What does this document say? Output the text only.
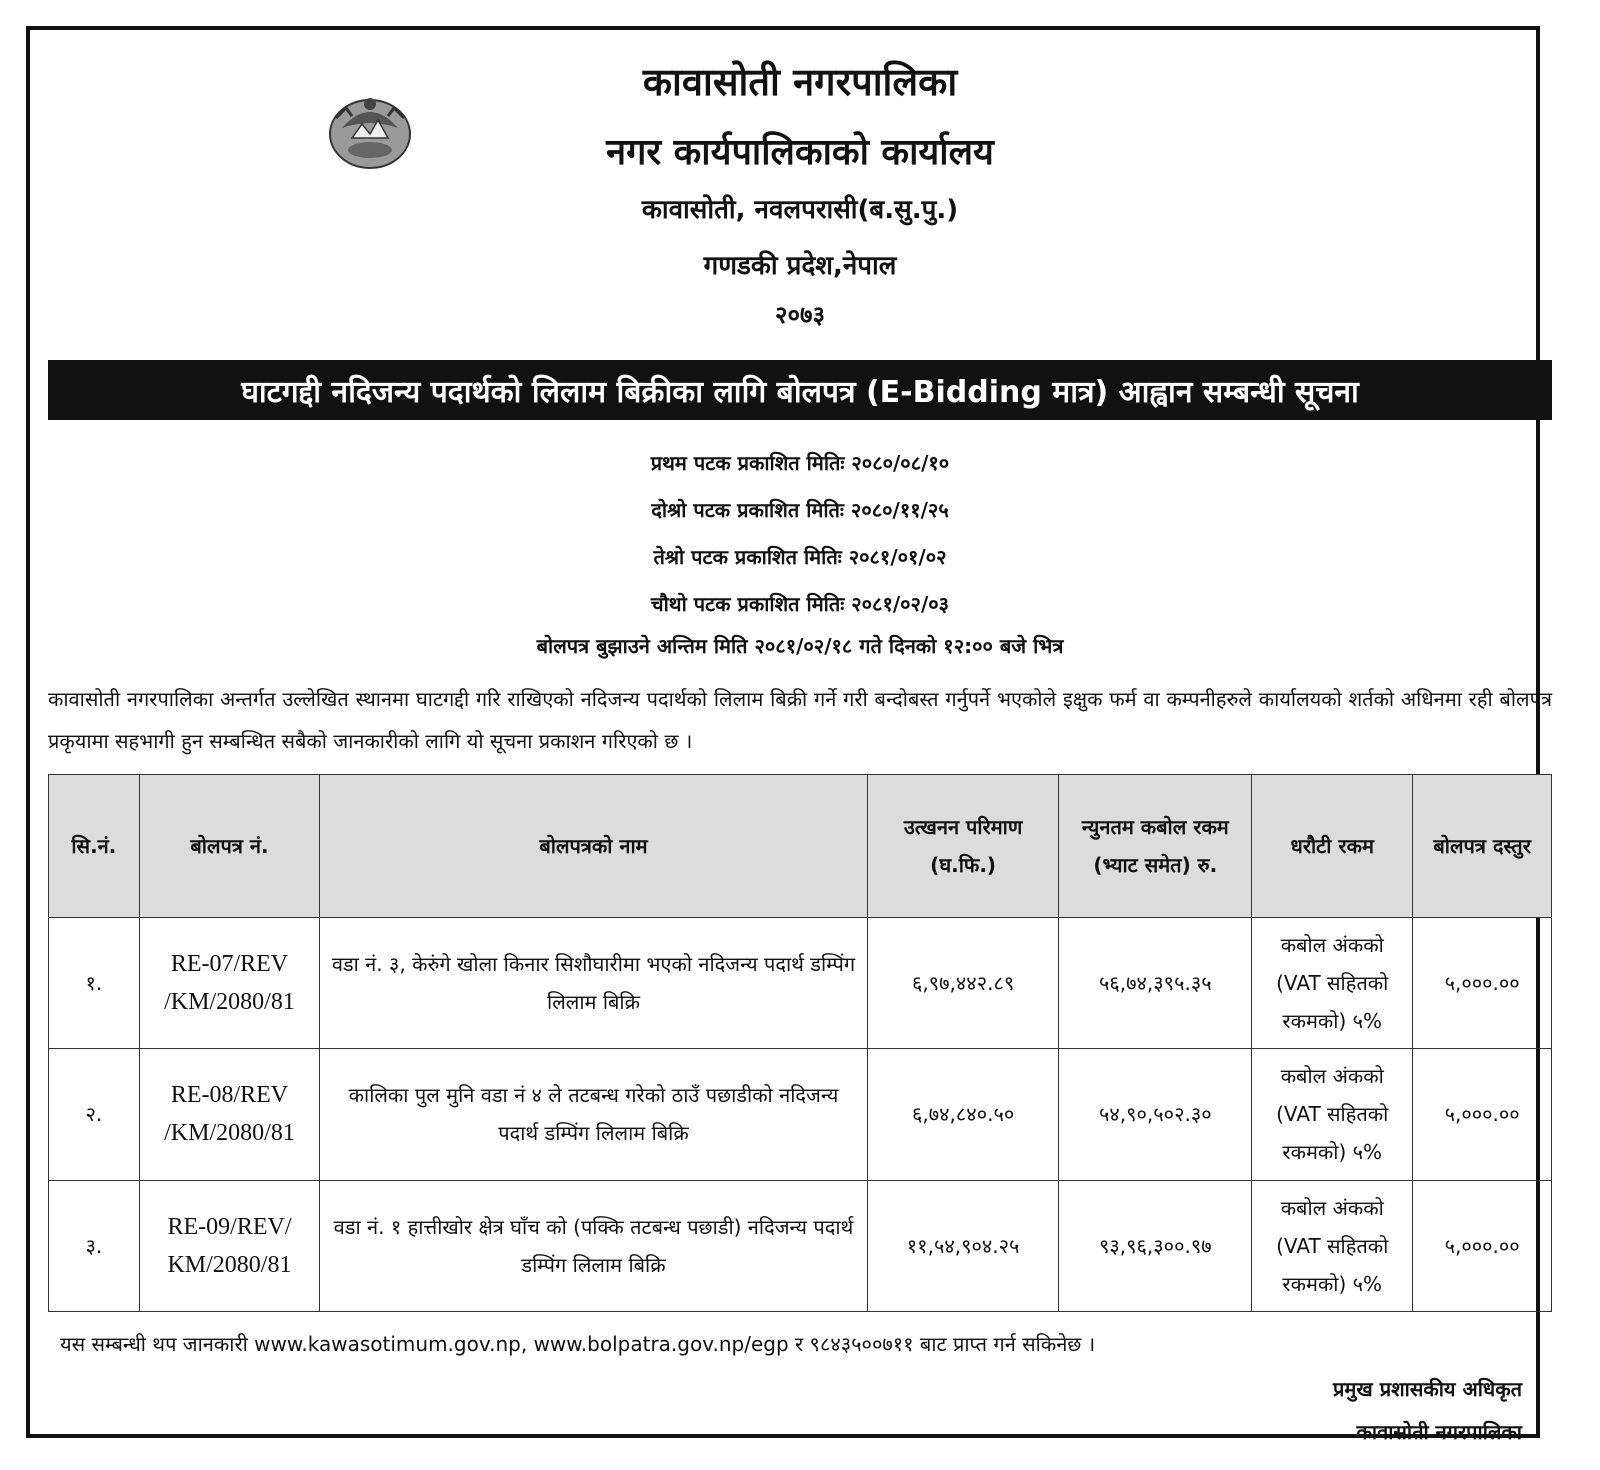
कावासोती नगरपालिका
नगर कार्यपालिकाको कार्यालय
कावासोती, नवलपरासी(ब.सु.पु.)
गणडकी प्रदेश,नेपाल
२०७३
घाटगद्दी नदिजन्य पदार्थको लिलाम बिक्रीका लागि बोलपत्र (E-Bidding मात्र) आह्वान सम्बन्धी सूचना
प्रथम पटक प्रकाशित मितिः २०८०/०८/१०
दोश्रो पटक प्रकाशित मितिः २०८०/११/२५
तेश्रो पटक प्रकाशित मितिः २०८१/०१/०२
चौथो पटक प्रकाशित मितिः २०८१/०२/०३
बोलपत्र बुझाउने अन्तिम मिति २०८१/०२/१८ गते दिनको १२:०० बजे भित्र
कावासोती नगरपालिका अन्तर्गत उल्लेखित स्थानमा घाटगद्दी गरि राखिएको नदिजन्य पदार्थको लिलाम बिक्री गर्ने गरी बन्दोबस्त गर्नुपर्ने भएकोले इक्षुक फर्म वा कम्पनीहरुले कार्यालयको शर्तको अधिनमा रही बोलपत्र प्रकृयामा सहभागी हुन सम्बन्धित सबैको जानकारीको लागि यो सूचना प्रकाशन गरिएको छ ।
सि.नं.	बोलपत्र नं.	बोलपत्रको नाम	उत्खनन परिमाण (घ.फि.)	न्युनतम कबोल रकम (भ्याट समेत) रु.	धरौटी रकम	बोलपत्र दस्तुर
१.	RE-07/REV /KM/2080/81	वडा नं. ३, केरुंगे खोला किनार सिशौघारीमा भएको नदिजन्य पदार्थ डम्पिंग लिलाम बिक्रि	६,९७,४४२.८९	५६,७४,३९५.३५	कबोल अंकको (VAT सहितको रकमको) ५%	५,०००.००
२.	RE-08/REV /KM/2080/81	कालिका पुल मुनि वडा नं ४ ले तटबन्ध गरेको ठाउँ पछाडीको नदिजन्य पदार्थ डम्पिंग लिलाम बिक्रि	६,७४,८४०.५०	५४,९०,५०२.३०	कबोल अंकको (VAT सहितको रकमको) ५%	५,०००.००
३.	RE-09/REV/ KM/2080/81	वडा नं. १ हात्तीखोर क्षेत्र घाँच को (पक्कि तटबन्ध पछाडी) नदिजन्य पदार्थ डम्पिंग लिलाम बिक्रि	११,५४,९०४.२५	९३,९६,३००.९७	कबोल अंकको (VAT सहितको रकमको) ५%	५,०००.००
यस सम्बन्धी थप जानकारी www.kawasotimum.gov.np, www.bolpatra.gov.np/egp र ९८४३५००७११ बाट प्राप्त गर्न सकिनेछ ।
प्रमुख प्रशासकीय अधिकृत
कावासोती नगरपालिका
